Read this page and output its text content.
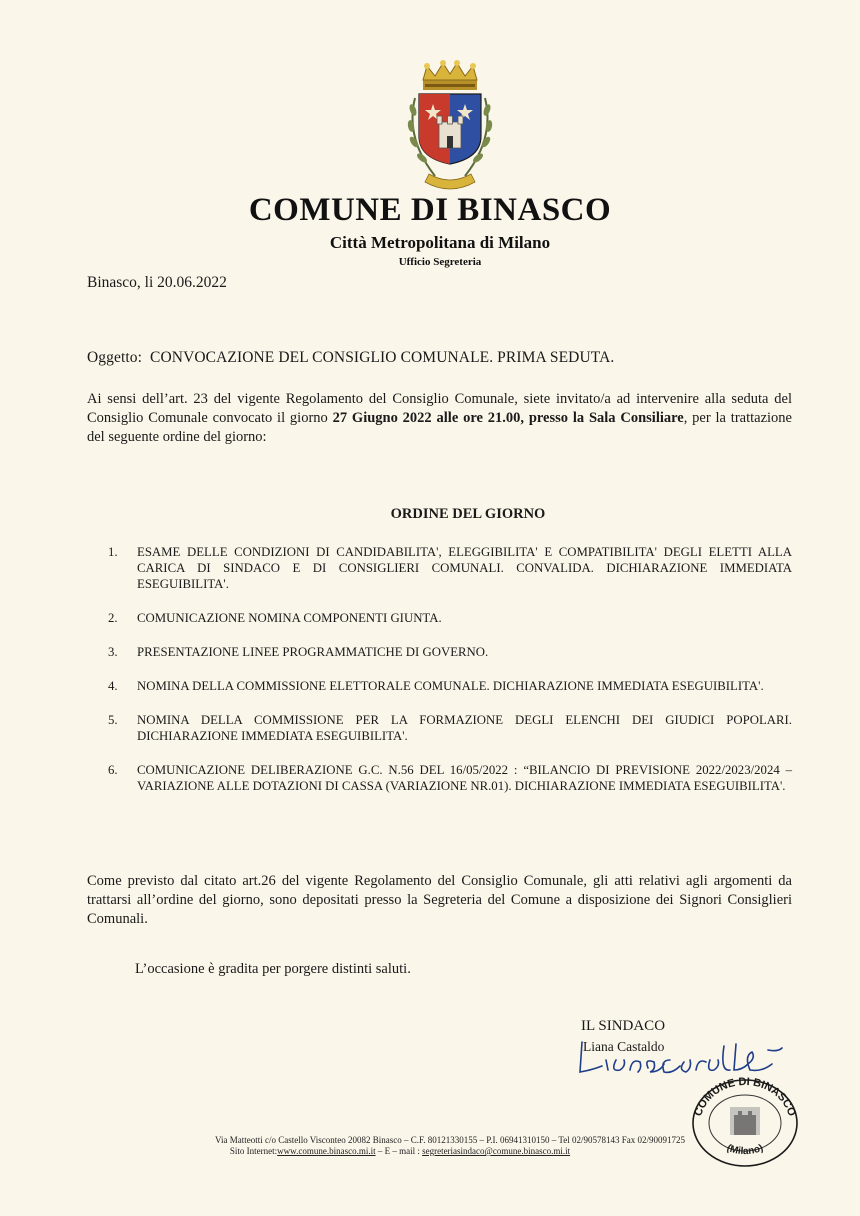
COMUNE DI BINASCO
Città Metropolitana di Milano
Ufficio Segreteria
Binasco, li 20.06.2022
Oggetto: CONVOCAZIONE DEL CONSIGLIO COMUNALE. PRIMA SEDUTA.
Ai sensi dell’art. 23 del vigente Regolamento del Consiglio Comunale, siete invitato/a ad intervenire alla seduta del Consiglio Comunale convocato il giorno 27 Giugno 2022 alle ore 21.00, presso la Sala Consiliare, per la trattazione del seguente ordine del giorno:
ORDINE DEL GIORNO
1. ESAME DELLE CONDIZIONI DI CANDIDABILITA', ELEGGIBILITA' E COMPATIBILITA' DEGLI ELETTI ALLA CARICA DI SINDACO E DI CONSIGLIERI COMUNALI. CONVALIDA. DICHIARAZIONE IMMEDIATA ESEGUIBILITA'.
2. COMUNICAZIONE NOMINA COMPONENTI GIUNTA.
3. PRESENTAZIONE LINEE PROGRAMMATICHE DI GOVERNO.
4. NOMINA DELLA COMMISSIONE ELETTORALE COMUNALE. DICHIARAZIONE IMMEDIATA ESEGUIBILITA'.
5. NOMINA DELLA COMMISSIONE PER LA FORMAZIONE DEGLI ELENCHI DEI GIUDICI POPOLARI. DICHIARAZIONE IMMEDIATA ESEGUIBILITA'.
6. COMUNICAZIONE DELIBERAZIONE G.C. N.56 DEL 16/05/2022 : “BILANCIO DI PREVISIONE 2022/2023/2024 – VARIAZIONE ALLE DOTAZIONI DI CASSA (VARIAZIONE NR.01). DICHIARAZIONE IMMEDIATA ESEGUIBILITA'.
Come previsto dal citato art.26 del vigente Regolamento del Consiglio Comunale, gli atti relativi agli argomenti da trattarsi all’ordine del giorno, sono depositati presso la Segreteria del Comune a disposizione dei Signori Consiglieri Comunali.
L’occasione è gradita per porgere distinti saluti.
IL SINDACO
Liana Castaldo
COMUNE DI BINASCO
(Milano)
Via Matteotti c/o Castello Visconteo 20082 Binasco – C.F. 80121330155 – P.I. 06941310150 – Tel 02/90578143 Fax 02/90091725
Sito Internet:www.comune.binasco.mi.it – E – mail : segreteriasindaco@comune.binasco.mi.it
